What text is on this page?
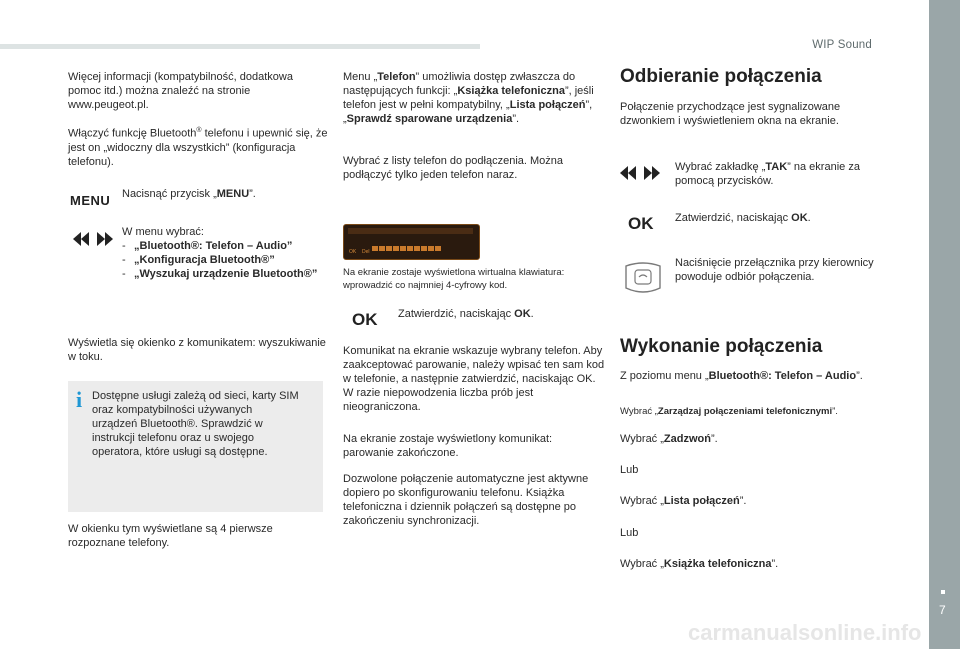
WIP Sound
7
carmanualsonline.info

Więcej informacji (kompatybilność, dodatkowa pomoc itd.) można znaleźć na stronie www.peugeot.pl.

Włączyć funkcję Bluetooth® telefonu i upewnić się, że jest on „widoczny dla wszystkich” (konfiguracja telefonu).

MENU Nacisnąć przycisk „MENU”.

W menu wybrać:

- „Bluetooth®: Telefon – Audio”
- „Konfiguracja Bluetooth®”
- „Wyszukaj urządzenie Bluetooth®”

Wyświetla się okienko z komunikatem: wyszukiwanie w toku.

i Dostępne usługi zależą od sieci, karty SIM oraz kompatybilności używanych urządzeń Bluetooth®. Sprawdzić w instrukcji telefonu oraz u swojego operatora, które usługi są dostępne.

W okienku tym wyświetlane są 4 pierwsze rozpoznane telefony.

Menu „Telefon” umożliwia dostęp zwłaszcza do następujących funkcji: „Książka telefoniczna”, jeśli telefon jest w pełni kompatybilny, „Lista połączeń”, „Sprawdź sparowane urządzenia”.

Wybrać z listy telefon do podłączenia. Można podłączyć tylko jeden telefon naraz.

OK Del

Na ekranie zostaje wyświetlona wirtualna klawiatura: wprowadzić co najmniej 4-cyfrowy kod.

OK Zatwierdzić, naciskając OK.

Komunikat na ekranie wskazuje wybrany telefon. Aby zaakceptować parowanie, należy wpisać ten sam kod w telefonie, a następnie zatwierdzić, naciskając OK.

W razie niepowodzenia liczba prób jest nieograniczona.

Na ekranie zostaje wyświetlony komunikat: parowanie zakończone.

Dozwolone połączenie automatyczne jest aktywne dopiero po skonfigurowaniu telefonu. Książka telefoniczna i dziennik połączeń są dostępne po zakończeniu synchronizacji.

Odbieranie połączenia

Połączenie przychodzące jest sygnalizowane dzwonkiem i wyświetleniem okna na ekranie.

Wybrać zakładkę „TAK” na ekranie za pomocą przycisków.

OK Zatwierdzić, naciskając OK.

Naciśnięcie przełącznika przy kierownicy powoduje odbiór połączenia.

Wykonanie połączenia

Z poziomu menu „Bluetooth®: Telefon – Audio”.

Wybrać „Zarządzaj połączeniami telefonicznymi”.

Wybrać „Zadzwoń”.

Lub

Wybrać „Lista połączeń”.

Lub

Wybrać „Książka telefoniczna”.
